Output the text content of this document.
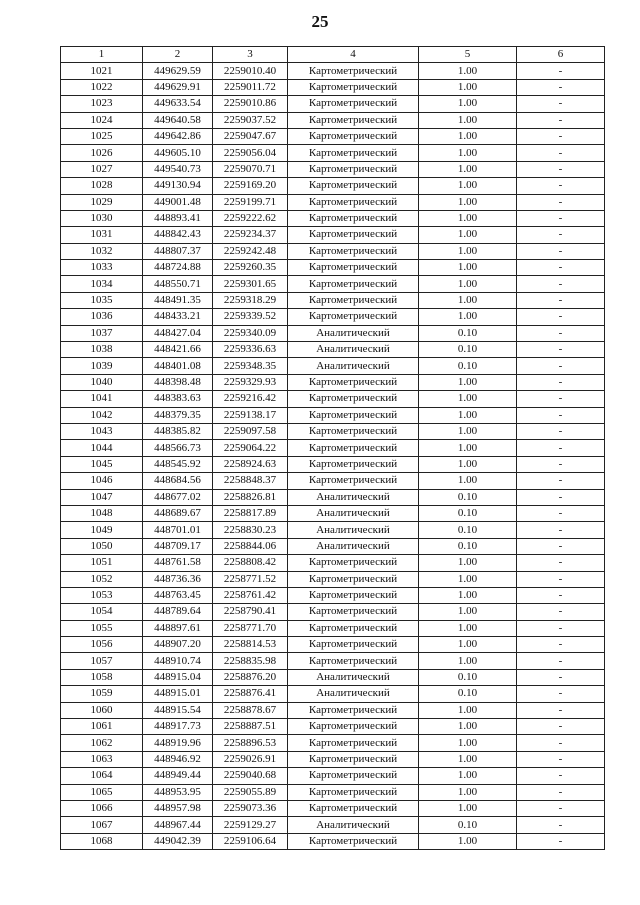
25
1	2	3	4	5	6
1021	449629.59	2259010.40	Картометрический	1.00	-
1022	449629.91	2259011.72	Картометрический	1.00	-
1023	449633.54	2259010.86	Картометрический	1.00	-
1024	449640.58	2259037.52	Картометрический	1.00	-
1025	449642.86	2259047.67	Картометрический	1.00	-
1026	449605.10	2259056.04	Картометрический	1.00	-
1027	449540.73	2259070.71	Картометрический	1.00	-
1028	449130.94	2259169.20	Картометрический	1.00	-
1029	449001.48	2259199.71	Картометрический	1.00	-
1030	448893.41	2259222.62	Картометрический	1.00	-
1031	448842.43	2259234.37	Картометрический	1.00	-
1032	448807.37	2259242.48	Картометрический	1.00	-
1033	448724.88	2259260.35	Картометрический	1.00	-
1034	448550.71	2259301.65	Картометрический	1.00	-
1035	448491.35	2259318.29	Картометрический	1.00	-
1036	448433.21	2259339.52	Картометрический	1.00	-
1037	448427.04	2259340.09	Аналитический	0.10	-
1038	448421.66	2259336.63	Аналитический	0.10	-
1039	448401.08	2259348.35	Аналитический	0.10	-
1040	448398.48	2259329.93	Картометрический	1.00	-
1041	448383.63	2259216.42	Картометрический	1.00	-
1042	448379.35	2259138.17	Картометрический	1.00	-
1043	448385.82	2259097.58	Картометрический	1.00	-
1044	448566.73	2259064.22	Картометрический	1.00	-
1045	448545.92	2258924.63	Картометрический	1.00	-
1046	448684.56	2258848.37	Картометрический	1.00	-
1047	448677.02	2258826.81	Аналитический	0.10	-
1048	448689.67	2258817.89	Аналитический	0.10	-
1049	448701.01	2258830.23	Аналитический	0.10	-
1050	448709.17	2258844.06	Аналитический	0.10	-
1051	448761.58	2258808.42	Картометрический	1.00	-
1052	448736.36	2258771.52	Картометрический	1.00	-
1053	448763.45	2258761.42	Картометрический	1.00	-
1054	448789.64	2258790.41	Картометрический	1.00	-
1055	448897.61	2258771.70	Картометрический	1.00	-
1056	448907.20	2258814.53	Картометрический	1.00	-
1057	448910.74	2258835.98	Картометрический	1.00	-
1058	448915.04	2258876.20	Аналитический	0.10	-
1059	448915.01	2258876.41	Аналитический	0.10	-
1060	448915.54	2258878.67	Картометрический	1.00	-
1061	448917.73	2258887.51	Картометрический	1.00	-
1062	448919.96	2258896.53	Картометрический	1.00	-
1063	448946.92	2259026.91	Картометрический	1.00	-
1064	448949.44	2259040.68	Картометрический	1.00	-
1065	448953.95	2259055.89	Картометрический	1.00	-
1066	448957.98	2259073.36	Картометрический	1.00	-
1067	448967.44	2259129.27	Аналитический	0.10	-
1068	449042.39	2259106.64	Картометрический	1.00	-
